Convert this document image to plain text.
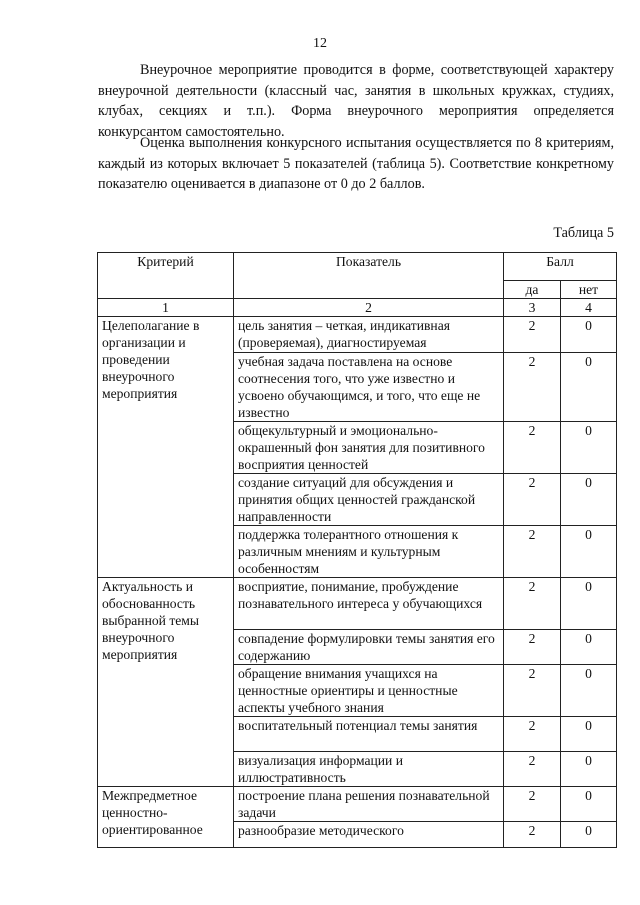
12

Внеурочное мероприятие проводится в форме, соответствующей характеру внеурочной деятельности (классный час, занятия в школьных кружках, студиях, клубах, секциях и т.п.). Форма внеурочного мероприятия определяется конкурсантом самостоятельно.

Оценка выполнения конкурсного испытания осуществляется по 8 критериям, каждый из которых включает 5 показателей (таблица 5). Соответствие конкретному показателю оценивается в диапазоне от 0 до 2 баллов.

Таблица 5
Критерий	Показатель	Балл	
		да	нет
1	2	3	4
Целеполагание в организации и проведении внеурочного мероприятия	цель занятия – четкая, индикативная (проверяемая), диагностируемая	2	0
	учебная задача поставлена на основе соотнесения того, что уже известно и усвоено обучающимся, и того, что еще не известно	2	0
	общекультурный и эмоционально-окрашенный фон занятия для позитивного восприятия ценностей	2	0
	создание ситуаций для обсуждения и принятия общих ценностей гражданской направленности	2	0
	поддержка толерантного отношения к различным мнениям и культурным особенностям	2	0
Актуальность и обоснованность выбранной темы внеурочного мероприятия	восприятие, понимание, пробуждение познавательного интереса у обучающихся	2	0
	совпадение формулировки темы занятия его содержанию	2	0
	обращение внимания учащихся на ценностные ориентиры и ценностные аспекты учебного знания	2	0
	воспитательный потенциал темы занятия	2	0
	визуализация информации и иллюстративность	2	0
Межпредметное ценностно-ориентированное	построение плана решения познавательной задачи	2	0
	разнообразие методического	2	0
